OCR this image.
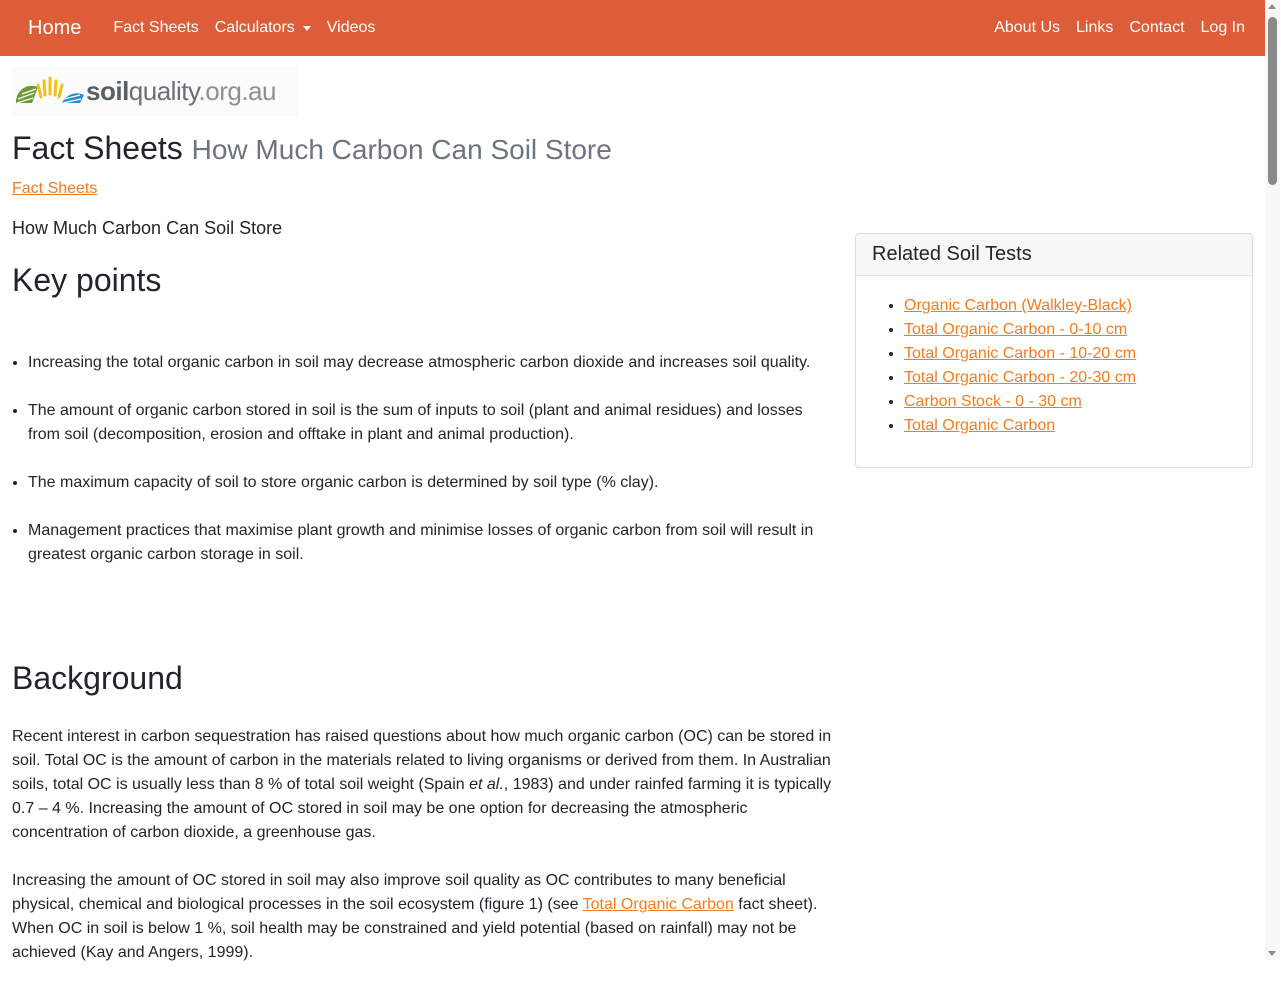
Home Fact Sheets Calculators Videos	About Us Links Contact Log In
soilquality.org.au
Fact Sheets How Much Carbon Can Soil Store
Fact Sheets
How Much Carbon Can Soil Store
Key points
• Increasing the total organic carbon in soil may decrease atmospheric carbon dioxide and increases soil quality.
• The amount of organic carbon stored in soil is the sum of inputs to soil (plant and animal residues) and losses from soil (decomposition, erosion and offtake in plant and animal production).
• The maximum capacity of soil to store organic carbon is determined by soil type (% clay).
• Management practices that maximise plant growth and minimise losses of organic carbon from soil will result in greatest organic carbon storage in soil.
Background

Recent interest in carbon sequestration has raised questions about how much organic carbon (OC) can be stored in soil. Total OC is the amount of carbon in the materials related to living organisms or derived from them. In Australian soils, total OC is usually less than 8 % of total soil weight (Spain et al., 1983) and under rainfed farming it is typically 0.7 – 4 %. Increasing the amount of OC stored in soil may be one option for decreasing the atmospheric concentration of carbon dioxide, a greenhouse gas.

Increasing the amount of OC stored in soil may also improve soil quality as OC contributes to many beneficial physical, chemical and biological processes in the soil ecosystem (figure 1) (see Total Organic Carbon fact sheet). When OC in soil is below 1 %, soil health may be constrained and yield potential (based on rainfall) may not be achieved (Kay and Angers, 1999).

Related Soil Tests
• Organic Carbon (Walkley-Black)
• Total Organic Carbon - 0-10 cm
• Total Organic Carbon - 10-20 cm
• Total Organic Carbon - 20-30 cm
• Carbon Stock - 0 - 30 cm
• Total Organic Carbon
